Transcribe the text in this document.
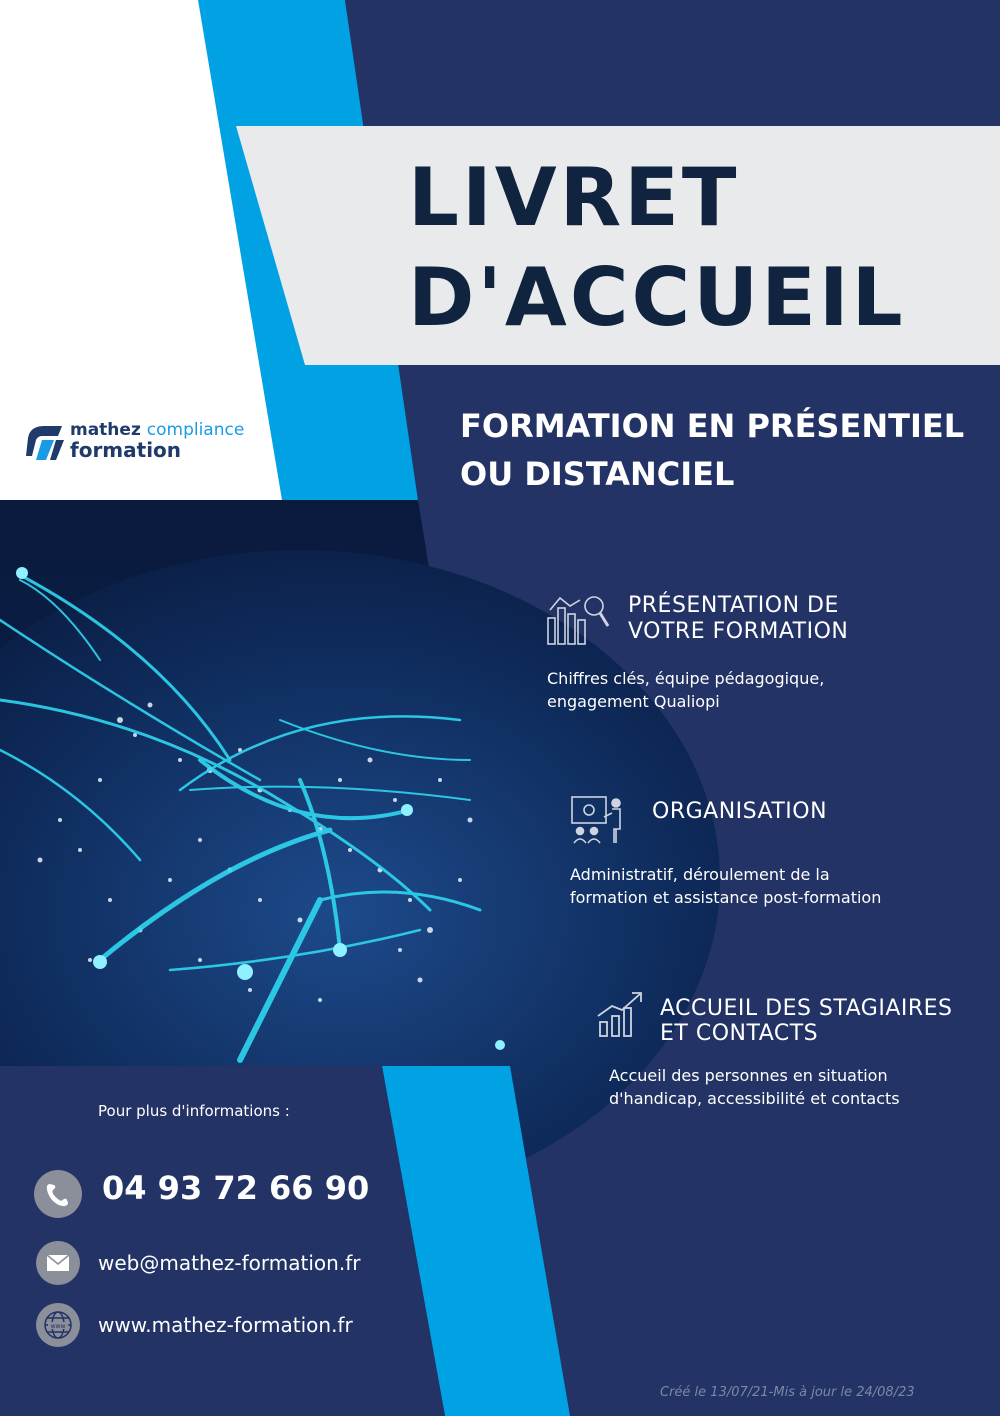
mathez compliance
formation
LIVRET
D'ACCUEIL
FORMATION EN PRÉSENTIEL
OU DISTANCIEL
PRÉSENTATION DE
VOTRE FORMATION
Chiffres clés, équipe pédagogique,
engagement Qualiopi
ORGANISATION
Administratif, déroulement de la
formation et assistance post-formation
ACCUEIL DES STAGIAIRES
ET CONTACTS
Accueil des personnes en situation
d'handicap, accessibilité et contacts
Pour plus d'informations :
04 93 72 66 90
web@mathez-formation.fr
www www.mathez-formation.fr
Créé le 13/07/21-Mis à jour le 24/08/23
